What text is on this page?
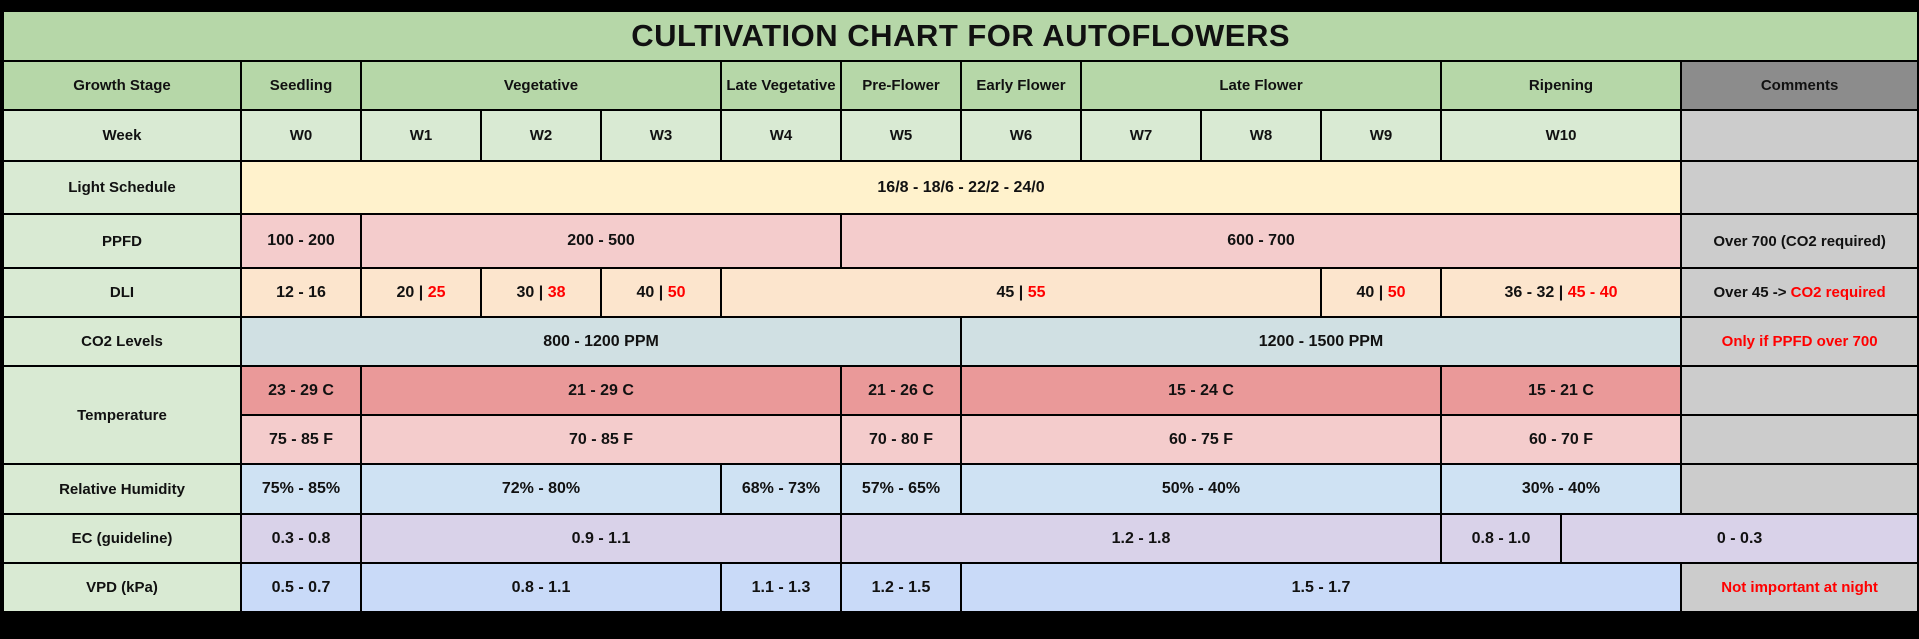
CULTIVATION CHART FOR AUTOFLOWERS														
Growth Stage	Seedling	Vegetative			Late Vegetative	Pre-Flower	Early Flower	Late Flower			Ripening		Comments	
Week	W0	W1	W2	W3	W4	W5	W6	W7	W8	W9	W10			
Light Schedule	16/8 - 18/6 - 22/2 - 24/0													
PPFD	100 - 200	200 - 500				600 - 700							Over 700 (CO2 required)	
DLI	12 - 16	20 | 25	30 | 38	40 | 50	45 | 55					40 | 50	36 - 32 | 45 - 40		Over 45 -> CO2 required	
CO2 Levels	800 - 1200 PPM						1200 - 1500 PPM						Only if PPFD over 700	
Temperature	23 - 29 C	21 - 29 C				21 - 26 C	15 - 24 C				15 - 21 C			
	75 - 85 F	70 - 85 F				70 - 80 F	60 - 75 F				60 - 70 F			
Relative Humidity	75% - 85%	72% - 80%			68% - 73%	57% - 65%	50% - 40%				30% - 40%			
EC (guideline)	0.3 - 0.8	0.9 - 1.1				1.2 - 1.8					0.8 - 1.0	0 - 0.3	
VPD (kPa)	0.5 - 0.7	0.8 - 1.1			1.1 - 1.3	1.2 - 1.5	1.5 - 1.7						Not important at night	
